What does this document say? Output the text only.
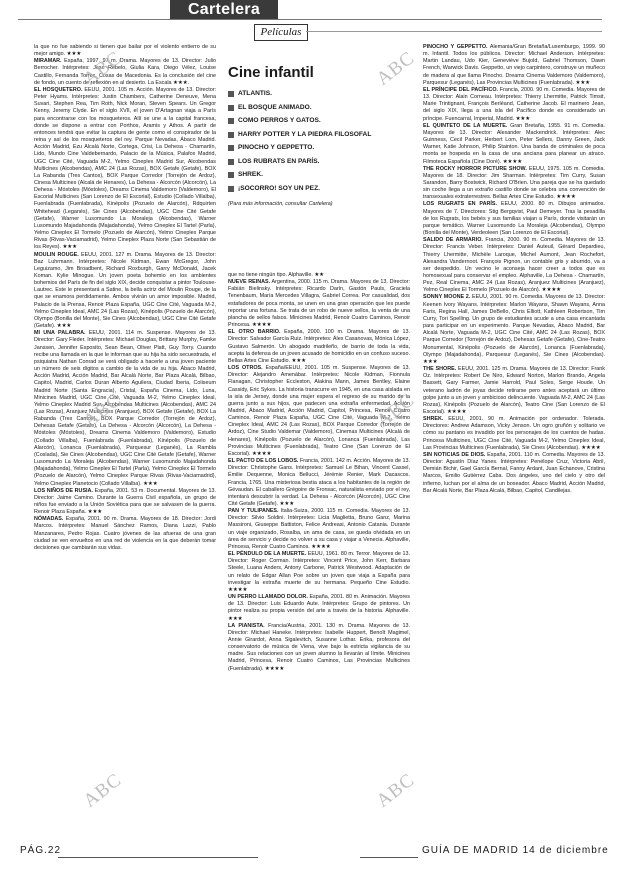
Cartelera
Películas

la que no fue sabiendo si tienen que bailar por el violento entierro de su mejor amigo. ★★★

MIRAMAR. España, 1997. 97 m. Drama. Mayores de 13. Director: Julio Berrocher. Intérpretes: Jose Rebelo, Giulia Kara, Diego Vélez, Louise Castillo, Fernanda Torres. Cosas de Macedonia. Es la conclusión del cine de fondo, un cuento de reflexión en al desierto. La Escala ★★★.

EL HOSQUETERO. EEUU, 2001. 105 m. Acción. Mayores de 13. Director: Peter Hyams. Intérpretes: Justin Chambers, Catherine Deneuve, Mena Suvari, Stephen Rea, Tim Roth, Nick Moran, Steven Spears. Un Gregor Kenny, Jeremy Clyde. En el siglo XVII, el joven D'Artagnan viaja a París para encontrarse con los mosqueteros. Allí se une a la capital francesa, donde se dispone a entrar con Porthos, Aramis y Athos. A partir de entonces tendrá que evitar la captura de gente como el conspirador de la reina y así de los mosqueteros del rey. Parque Nevadas, Ábaco Madrid. Acción Madrid, Ezu Alcalá Norte, Cortega, Crisi, La Dehesa - Chamartín, Lido, Mundo Cine Valdebernardo, Palacio de la Música, Palafox Madrid, UGC Cine Cité, Vaguada M-2, Yelmo Cineplex Madrid Sur, Alcobendas Multicines (Alcobendas), AMC 24 (Las Rozas), BOX Getafe (Getafe), BOX La Rabanda (Tres Cantos), BOX Parque Corredor (Torrejón de Ardoz), Cinesa Multicines (Alcalá de Henares), La Dehesa - Alcorcón (Alcorcón), La Dehesa - Móstoles (Móstoles), Dreams Cinema Valdemoro (Valdemoro), El Escorial Multicines (San Lorenzo de El Escorial), Estudio (Collado Villalba), Fuenlabrada (Fuenlabrada), Kinépolis (Pozuelo de Alarcón), Rdquirten Whitehead (Leganés), Sie Cines (Alcobendas), UGC Cine Cité Getafe (Getafe), Warner Lusomundo La Moraleja (Alcobendas), Warner Lusomundo Majadahonda (Majadahonda), Yelmo Cineplex El Tartel (Parla), Yelmo Cineplex El Tormelo (Pozuelo de Alarcón), Yelmo Cineplex Parque Rivas (Rivas-Vaciamadrid), Yelmo Cineplex Plaza Norte (San Sebastián de los Reyes). ★★★

MOULIN ROUGE. EEUU, 2001. 127 m. Drama. Mayores de 13. Director: Baz Luhrmann. Intérpretes: Nicole Kidman, Ewan McGregor, John Leguizamo, Jim Broadbent, Richard Roxburgh, Garry McDonald, Jacek Koman. Kylie Minogue. Un joven poeta bohemio en los ambientes bohemios del París de fin del siglo XIX, decide conquistar a pintor Toulouse-Lautrec. Este le presentará a Satine, la bella actriz del Moulin Rouge, de la que se enamora perdidamente. Ambos vivirán un amor imposible. Madrid, Palacio de la Prensa, Renoir Plaza España, UGC Cine Cité, Vaguada M-2, Yelmo Cineplex Ideal, AMC 24 (Las Rozas), Kinépolis (Pozuelo de Alarcón), Olympo (Bonilla del Monte), Sie Cines (Alcobendas), UGC Cine Cité Getafe (Getafe). ★★★

MI UNA PALABRA. EEUU, 2001. 114 m. Suspense. Mayores de 13. Director: Gary Fleder. Intérpretes: Michael Douglas, Brittany Murphy, Famke Janssen, Jennifer Esposito, Sean Bean, Oliver Platt, Guy Torry. Cuando recibe una llamada en la que le informan que su hija ha sido secuestrada, el psiquiatra Nathan Conrad se verá obligado a hacerle a una joven paciente un número de seis dígitos a cambio de la vida de su hija. Ábaco Madrid, Acción Madrid, Acción Madrid, Bar Alcalá Norte, Bar Plaza Alcalá, Bilbao, Capitol, Madrid, Carlos Duran Alberto Aguilera, Ciudad Iberia, Coliseum Madrid Norte (Santa Engracia), Cristal, España Cinema, Lido, Luna, Minicines Madrid, UGC Cine Cité, Vaguada M-2, Yelmo Cineplex Ideal, Yelmo Cineplex Madrid Sur, Alcobendas Multicines (Alcobendas), AMC 24 (Las Rozas), Aranjuez Multicines (Aranjuez), BOX Getafe (Getafe), BOX La Rabanda (Tres Cantos), BOX Parque Corredor (Torrejón de Ardoz), Dehesas Getafe (Getafe), La Dehesa - Alcorcón (Alcorcón), La Dehesa - Móstoles (Móstoles), Dreams Cinema Valdemoro (Valdemoro), Estudio (Collado Villalba), Fuenlabrada (Fuenlabrada), Kinépolis (Pozuelo de Alarcón), Lonanca (Fuenlabrada), Parquesur (Leganés), La Rambla (Coslada), Sie Cines (Alcobendas), UGC Cine Cité Getafe (Getafe), Warner Lusomundo La Moraleja (Alcobendas), Warner Lusomundo Majadahonda (Majadahonda), Yelmo Cineplex El Tartel (Parla), Yelmo Cineplex El Tormelo (Pozuelo de Alarcón), Yelmo Cineplex Parque Rivas (Rivas-Vaciamadrid), Yelmo Cineplex Planetocio (Collado Villalba). ★★★

LOS NIÑOS DE RUSIA. España, 2001. 53 m. Documental. Mayores de 13. Director: Jaime Camino. Durante la Guerra Civil española, un grupo de niños fue enviado a la Unión Soviética para que se salvasen de la guerra. Renoir Plaza España. ★★★

NÓMADAS. España, 2001. 90 m. Drama. Mayores de 18. Director: Jordi Marcos. Intérpretes: Manuel Sánchez Ramos, Diana Lazzi, Pablo Manzanares, Pedro Rojas. Cuatro jóvenes de las afueras de una gran ciudad se ven envueltos en una red de violencia en la que deberán tomar decisiones que cambiarán sus vidas.

que no tiene ningún tipo. Alphaville. ★★

NUEVE REINAS. Argentina, 2000. 115 m. Drama. Mayores de 13. Director: Fabián Bielinsky. Intérpretes: Ricardo Darín, Gastón Pauls, Graciela Tenenbaum, María Mercedes Villagra, Gabriel Correa. Por casualidad, dos estafadores de poca monta, se unen en una gran operación que les puede reportar una fortuna. Se trata de un robo de nueve sellos, la venta de una plancha de sellos falsos. Minicines Madrid, Renoir Cuatro Caminos, Renoir Princesa. ★★★★

EL OTRO BARRIO. España, 2000. 100 m. Drama. Mayores de 13. Director: Salvador García Ruiz. Intérpretes: Álex Casanovas, Mónica López, Gustavo Salmerón. Un abogado madrileño, de barrio de toda la vida, acepta la defensa de un joven acusado de homicidio en un confuso suceso. Bellas Artes Cine Estudio. ★★★

LOS OTROS. España/EEUU, 2001. 105 m. Suspense. Mayores de 13. Director: Alejandro Amenábar. Intérpretes: Nicole Kidman, Fionnula Flanagan, Christopher Eccleston, Alakina Mann, James Bentley, Elaine Cassidy, Eric Sykes. La historia transcurre en 1945, en una casa aislada en la isla de Jersey, donde una mujer espera el regreso de su marido de la guerra junto a sus hijos, que padecen una extraña enfermedad. Acción Madrid, Ábaco Madrid, Acción Madrid, Capitol, Princesa, Renoir Cuatro Caminos, Renoir Plaza España, UGC Cine Cité, Vaguada M-2, Yelmo Cineplex Ideal, AMC 24 (Las Rozas), BOX Parque Corredor (Torrejón de Ardoz), Cine Studio Valdemar (Valdemoro), Cinemas Multicines (Alcalá de Henares), Kinépolis (Pozuelo de Alarcón), Lonanca (Fuenlabrada), Las Provincias Multicines (Fuenlabrada), Teatro Cine (San Lorenzo de El Escorial). ★★★★

EL PACTO DE LOS LOBOS. Francia, 2001. 142 m. Acción. Mayores de 13. Director: Christophe Gans. Intérpretes: Samuel Le Bihan, Vincent Cassel, Émilie Dequenne, Monica Bellucci, Jérémie Renier, Mark Dacascos. Francia, 1765. Una misteriosa bestia ataca a los habitantes de la región de Gévaudan. El caballero Grégoire de Fronsac, naturalista enviado por el rey, intentará descubrir la verdad. La Dehesa - Alcorcón (Alcorcón), UGC Cine Cité Getafe (Getafe). ★★★

PAN Y TULIPANES. Italia-Suiza, 2000. 115 m. Comedia. Mayores de 13. Director: Silvio Soldini. Intérpretes: Licia Maglietta, Bruno Ganz, Marina Massironi, Giuseppe Battiston, Felice Andreasi, Antonio Catania. Durante un viaje organizado, Rosalba, un ama de casa, se queda olvidada en un área de servicio y decide no volver a su casa y viajar a Venecia. Alphaville, Princesa, Renoir Cuatro Caminos. ★★★★

EL PÉNDULO DE LA MUERTE. EEUU, 1961. 80 m. Terror. Mayores de 13. Director: Roger Corman. Intérpretes: Vincent Price, John Kerr, Barbara Steele, Luana Anders, Antony Carbone, Patrick Westwood. Adaptación de un relato de Edgar Allan Poe sobre un joven que viaja a España para investigar la extraña muerte de su hermana. Pequeño Cine Estudio. ★★★★

UN PERRO LLAMADO DOLOR. España, 2001. 80 m. Animación. Mayores de 13. Director: Luis Eduardo Aute. Intérpretes: Grupo de pintores. Un pintor realiza su propia versión del arte a través de la historia. Alphaville. ★★★

LA PIANISTA. Francia/Austria, 2001. 130 m. Drama. Mayores de 13. Director: Michael Haneke. Intérpretes: Isabelle Huppert, Benoît Magimel, Annie Girardot, Anna Sigalevitch, Susanne Lothar. Erika, profesora del conservatorio de música de Viena, vive bajo la estricta vigilancia de su madre. Sus relaciones con un joven alumno la llevarán al límite. Minicines Madrid, Princesa, Renoir Cuatro Caminos, Las Provincias Multicines (Fuenlabrada). ★★★★

PINOCHO Y GEPPETTO. Alemania/Gran Bretaña/Luxemburgo, 1999. 90 m. Infantil. Todos los públicos. Director: Michael Anderson. Intérpretes: Martin Landau, Udo Kier, Geneviève Bujold, Gabriel Thomson, Dawn French, Warwick Davis. Geppetto, un viejo carpintero, construye un muñeco de madera al que llama Pinocho. Dreams Cinema Valdemoro (Valdemoro), Parquesur (Leganés), Las Provincias Multicines (Fuenlabrada). ★★★

EL PRÍNCIPE DEL PACÍFICO. Francia, 2000. 90 m. Comedia. Mayores de 13. Director: Alain Corneau. Intérpretes: Thierry Lhermitte, Patrick Timsit, Marie Trintignant, François Berléand, Catherine Jacob. El marinero Jean, del siglo XIX, llega a una isla del Pacífico donde es considerado un príncipe. Fuencarral, Imperial, Madrid. ★★★

EL QUINTETO DE LA MUERTE. Gran Bretaña, 1955. 91 m. Comedia. Mayores de 13. Director: Alexander Mackendrick. Intérpretes: Alec Guinness, Cecil Parker, Herbert Lom, Peter Sellers, Danny Green, Jack Warner, Katie Johnson, Philip Stainton. Una banda de criminales de poca monta se hospeda en la casa de una anciana para planear un atraco. Filmoteca Española (Cine Doré). ★★★★

THE ROCKY HORROR PICTURE SHOW. EEUU, 1975. 105 m. Comedia. Mayores de 18. Director: Jim Sharman. Intérpretes: Tim Curry, Susan Sarandon, Barry Bostwick, Richard O'Brien. Una pareja que se ha quedado sin coche llega a un extraño castillo donde se celebra una convención de transexuales extraterrestres. Bellas Artes Cine Estudio. ★★★★

LOS RUGRATS EN PARÍS. EEUU, 2000. 80 m. Dibujos animados. Mayores de 7. Directores: Stig Bergqvist, Paul Demeyer. Tras la pesadilla de los Rugrats, los bebés y sus familias viajan a París, donde visitarán un parque temático. Warner Lusomundo La Moraleja (Alcobendas), Olympo (Bonilla del Monte), Verdeoleen (San Lorenzo de El Escorial).

SALIDO DE ARMARIO. Francia, 2000. 90 m. Comedia. Mayores de 13. Director: Francis Veber. Intérpretes: Daniel Auteuil, Gérard Depardieu, Thierry Lhermitte, Michèle Laroque, Michel Aumont, Jean Rochefort, Alexandra Vandernoot. François Pignon, un contable gris y aburrido, va a ser despedido. Un vecino le aconseja hacer creer a todos que es homosexual para conservar el empleo. Alphaville, La Dehesa - Chamartín, Pez, Real Cinema, AMC 24 (Las Rozas), Aranjuez Multicines (Aranjuez), Yelmo Cineplex El Tormelo (Pozuelo de Alarcón). ★★★★

SONNY MOONE 2. EEUU, 2001. 90 m. Comedia. Mayores de 13. Director: Keenen Ivory Wayans. Intérpretes: Marlon Wayans, Shawn Wayans, Anna Faris, Regina Hall, James DeBello, Chris Elliott, Kathleen Robertson, Tim Curry, Tori Spelling. Un grupo de estudiantes acude a una casa encantada para participar en un experimento. Parque Nevadas, Ábaco Madrid, Bar Alcalá Norte, Vaguada M-2, UGC Cine Cité, AMC 24 (Las Rozas), BOX Parque Corredor (Torrejón de Ardoz), Dehesas Getafe (Getafe), Cine-Teatro Monumental, Kinépolis (Pozuelo de Alarcón), Lonanca (Fuenlabrada), Olympo (Majadahonda), Parquesur (Leganés), Sie Cines (Alcobendas). ★★★

THE SHORE. EEUU, 2001. 125 m. Drama. Mayores de 13. Director: Frank Oz. Intérpretes: Robert De Niro, Edward Norton, Marlon Brando, Angela Bassett, Gary Farmer, Jamie Harrold, Paul Soles, Serge Houde. Un veterano ladrón de joyas decide retirarse pero antes aceptará un último golpe junto a un joven y ambicioso delincuente. Vaguada M-2, AMC 24 (Las Rozas), Kinépolis (Pozuelo de Alarcón), Teatro Cine (San Lorenzo de El Escorial). ★★★★

SHREK. EEUU, 2001. 90 m. Animación por ordenador. Tolerada. Directores: Andrew Adamson, Vicky Jenson. Un ogro gruñón y solitario ve cómo su pantano es invadido por los personajes de los cuentos de hadas. Princesa Multicines, UGC Cine Cité, Vaguada M-2, Yelmo Cineplex Ideal, Las Provincias Multicines (Fuenlabrada), Sie Cines (Alcobendas). ★★★★

SIN NOTICIAS DE DIOS. España, 2001. 110 m. Comedia. Mayores de 13. Director: Agustín Díaz Yanes. Intérpretes: Penélope Cruz, Victoria Abril, Demián Bichir, Gael García Bernal, Fanny Ardant, Juan Echanove, Cristina Marcos, Emilio Gutiérrez Caba. Dos ángeles, uno del cielo y otro del infierno, luchan por el alma de un boxeador. Ábaco Madrid, Acción Madrid, Bar Alcalá Norte, Bar Plaza Alcalá, Bilbao, Capitol, Candilejas.

Cine infantil
ATLANTIS.
EL BOSQUE ANIMADO.
COMO PERROS Y GATOS.
HARRY POTTER Y LA PIEDRA FILOSOFAL
PINOCHO Y GEPPETTO.
LOS RUBRATS EN PARÍS.
SHREK.
¡SOCORRO! SOY UN PEZ.
(Para más información, consultar Cartelera)
ABC	ABC
ABC	ABC
ABC	ABC
PÁG.22	GUÍA DE MADRID 14 de diciembre
